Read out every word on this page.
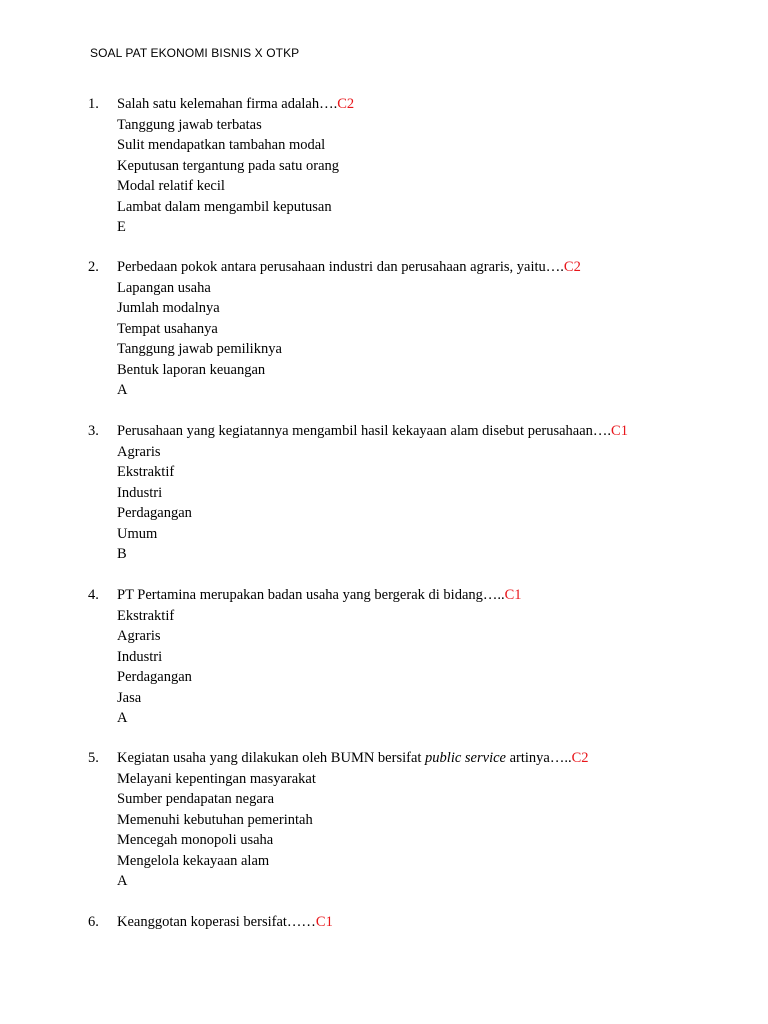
SOAL PAT EKONOMI BISNIS X OTKP
1. Salah satu kelemahan firma adalah….C2
Tanggung jawab terbatas
Sulit mendapatkan tambahan modal
Keputusan tergantung pada satu orang
Modal relatif kecil
Lambat dalam mengambil keputusan
E
2. Perbedaan pokok antara perusahaan industri dan perusahaan agraris, yaitu….C2
Lapangan usaha
Jumlah modalnya
Tempat usahanya
Tanggung jawab pemiliknya
Bentuk laporan keuangan
A
3. Perusahaan yang kegiatannya mengambil hasil kekayaan alam disebut perusahaan….C1
Agraris
Ekstraktif
Industri
Perdagangan
Umum
B
4. PT Pertamina merupakan badan usaha yang bergerak di bidang…..C1
Ekstraktif
Agraris
Industri
Perdagangan
Jasa
A
5. Kegiatan usaha yang dilakukan oleh BUMN bersifat public service artinya…..C2
Melayani kepentingan masyarakat
Sumber pendapatan negara
Memenuhi kebutuhan pemerintah
Mencegah monopoli usaha
Mengelola kekayaan alam
A
6. Keanggotan koperasi bersifat……C1
